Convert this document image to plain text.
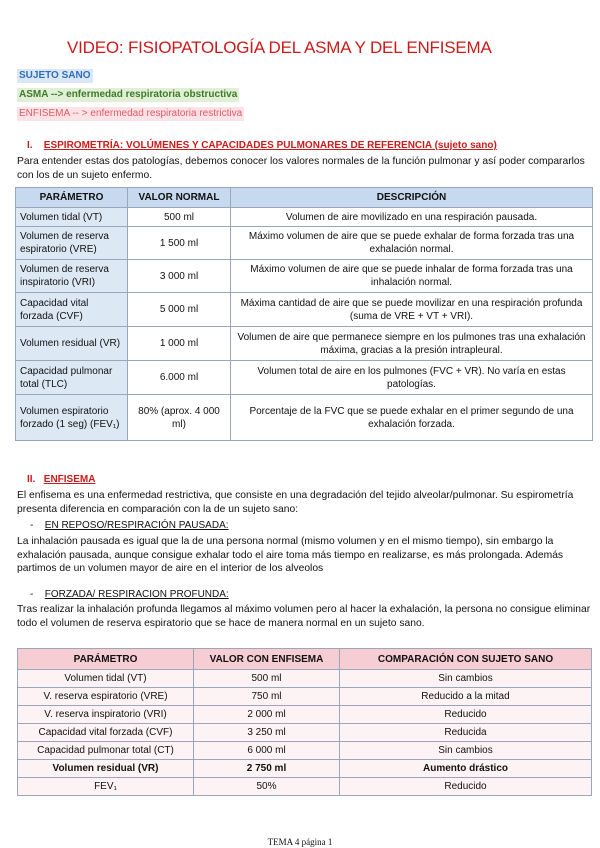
VIDEO: FISIOPATOLOGÍA DEL ASMA Y DEL ENFISEMA
SUJETO SANO
ASMA --> enfermedad respiratoria obstructiva
ENFISEMA -- > enfermedad respiratoria restrictiva
I. ESPIROMETRÍA: VOLÚMENES Y CAPACIDADES PULMONARES DE REFERENCIA (sujeto sano)

Para entender estas dos patologías, debemos conocer los valores normales de la función pulmonar y así poder compararlos con los de un sujeto enfermo.

PARÁMETRO	VALOR NORMAL	DESCRIPCIÓN
Volumen tidal (VT)	500 ml	Volumen de aire movilizado en una respiración pausada.
Volumen de reserva espiratorio (VRE)	1 500 ml	Máximo volumen de aire que se puede exhalar de forma forzada tras una exhalación normal.
Volumen de reserva inspiratorio (VRI)	3 000 ml	Máximo volumen de aire que se puede inhalar de forma forzada tras una inhalación normal.
Capacidad vital forzada (CVF)	5 000 ml	Máxima cantidad de aire que se puede movilizar en una respiración profunda (suma de VRE + VT + VRI).
Volumen residual (VR)	1 000 ml	Volumen de aire que permanece siempre en los pulmones tras una exhalación máxima, gracias a la presión intrapleural.
Capacidad pulmonar total (TLC)	6.000 ml	Volumen total de aire en los pulmones (FVC + VR). No varía en estas patologías.
Volumen espiratorio forzado (1 seg) (FEV₁)	80% (aprox. 4 000 ml)	Porcentaje de la FVC que se puede exhalar en el primer segundo de una exhalación forzada.
II. ENFISEMA

El enfisema es una enfermedad restrictiva, que consiste en una degradación del tejido alveolar/pulmonar. Su espirometría presenta diferencia en comparación con la de un sujeto sano:

- EN REPOSO/RESPIRACIÓN PAUSADA:

La inhalación pausada es igual que la de una persona normal (mismo volumen y en el mismo tiempo), sin embargo la exhalación pausada, aunque consigue exhalar todo el aire toma más tiempo en realizarse, es más prolongada. Además partimos de un volumen mayor de aire en el interior de los alveolos

- FORZADA/ RESPIRACION PROFUNDA:

Tras realizar la inhalación profunda llegamos al máximo volumen pero al hacer la exhalación, la persona no consigue eliminar todo el volumen de reserva espiratorio que se hace de manera normal en un sujeto sano.

PARÁMETRO	VALOR CON ENFISEMA	COMPARACIÓN CON SUJETO SANO
Volumen tidal (VT)	500 ml	Sin cambios
V. reserva espiratorio (VRE)	750 ml	Reducido a la mitad
V. reserva inspiratorio (VRI)	2 000 ml	Reducido
Capacidad vital forzada (CVF)	3 250 ml	Reducida
Capacidad pulmonar total (CT)	6 000 ml	Sin cambios
Volumen residual (VR)	2 750 ml	Aumento drástico
FEV₁	50%	Reducido
TEMA 4 página 1
